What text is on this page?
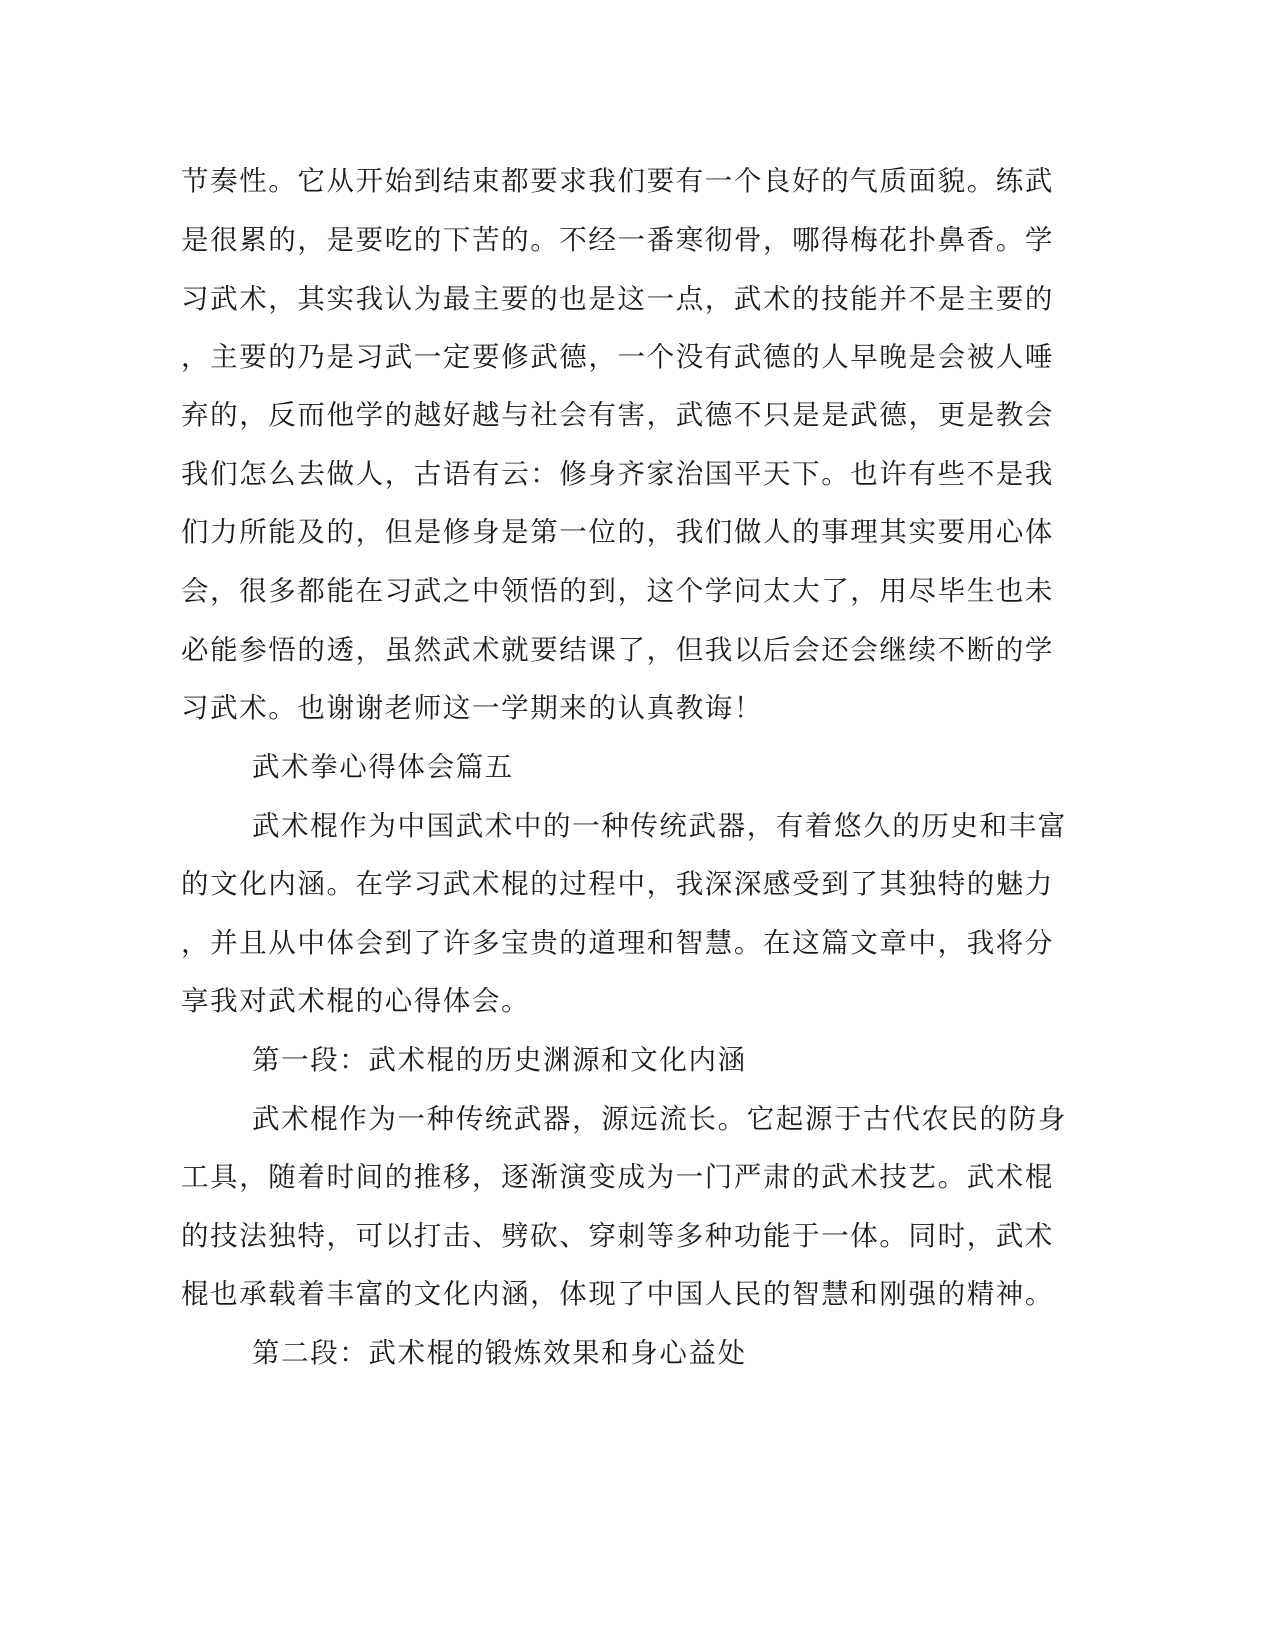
节奏性。它从开始到结束都要求我们要有一个良好的气质面貌。练武
是很累的，是要吃的下苦的。不经一番寒彻骨，哪得梅花扑鼻香。学
习武术，其实我认为最主要的也是这一点，武术的技能并不是主要的
，主要的乃是习武一定要修武德，一个没有武德的人早晚是会被人唾
弃的，反而他学的越好越与社会有害，武德不只是是武德，更是教会
我们怎么去做人，古语有云：修身齐家治国平天下。也许有些不是我
们力所能及的，但是修身是第一位的，我们做人的事理其实要用心体
会，很多都能在习武之中领悟的到，这个学问太大了，用尽毕生也未
必能参悟的透，虽然武术就要结课了，但我以后会还会继续不断的学
习武术。也谢谢老师这一学期来的认真教诲！
武术拳心得体会篇五
武术棍作为中国武术中的一种传统武器，有着悠久的历史和丰富
的文化内涵。在学习武术棍的过程中，我深深感受到了其独特的魅力
，并且从中体会到了许多宝贵的道理和智慧。在这篇文章中，我将分
享我对武术棍的心得体会。
第一段：武术棍的历史渊源和文化内涵
武术棍作为一种传统武器，源远流长。它起源于古代农民的防身
工具，随着时间的推移，逐渐演变成为一门严肃的武术技艺。武术棍
的技法独特，可以打击、劈砍、穿刺等多种功能于一体。同时，武术
棍也承载着丰富的文化内涵，体现了中国人民的智慧和刚强的精神。
第二段：武术棍的锻炼效果和身心益处
